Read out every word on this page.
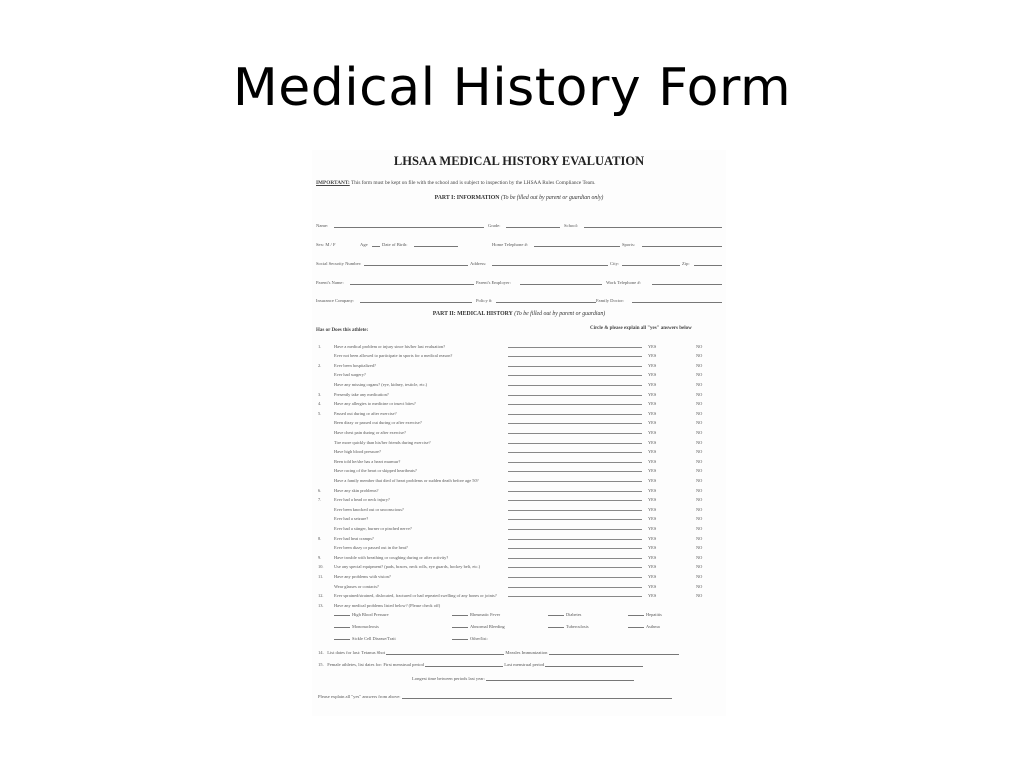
Medical History Form
LHSAA MEDICAL HISTORY EVALUATION
IMPORTANT: This form must be kept on file with the school and is subject to inspection by the LHSAA Rules Compliance Team.
PART I: INFORMATION (To be filled out by parent or guardian only)
Name:	Grade:	School:
Sex: M / F	Age	Date of Birth:	Home Telephone #:	Sports:
Social Security Number:	Address:	City:	Zip:
Parent's Name:	Parent's Employer:	Work Telephone #:
Insurance Company:	Policy #:	Family Doctor:
PART II: MEDICAL HISTORY (To be filled out by parent or guardian)
Has or Does this athlete:	Circle & please explain all "yes" answers below
1.	Have a medical problem or injury since his/her last evaluation?	YES	NO
Ever not been allowed to participate in sports for a medical reason?	YES	NO
2.	Ever been hospitalized?	YES	NO
Ever had surgery?	YES	NO
Have any missing organs? (eye, kidney, testicle, etc.)	YES	NO
3.	Presently take any medication?	YES	NO
4.	Have any allergies to medicine or insect bites?	YES	NO
5.	Passed out during or after exercise?	YES	NO
Been dizzy or passed out during or after exercise?	YES	NO
Have chest pain during or after exercise?	YES	NO
Tire more quickly than his/her friends during exercise?	YES	NO
Have high blood pressure?	YES	NO
Been told he/she has a heart murmur?	YES	NO
Have racing of the heart or skipped heartbeats?	YES	NO
Have a family member that died of heart problems or sudden death before age 50?	YES	NO
6.	Have any skin problems?	YES	NO
7.	Ever had a head or neck injury?	YES	NO
Ever been knocked out or unconscious?	YES	NO
Ever had a seizure?	YES	NO
Ever had a stinger, burner or pinched nerve?	YES	NO
8.	Ever had heat cramps?	YES	NO
Ever been dizzy or passed out in the heat?	YES	NO
9.	Have trouble with breathing or coughing during or after activity?	YES	NO
10. Use any special equipment? (pads, braces, neck rolls, eye guards, hockey belt, etc.)	YES	NO
11. Have any problems with vision?	YES	NO
Wear glasses or contacts?	YES	NO
12. Ever sprained/strained, dislocated, fractured or had repeated swelling of any bones or joints?	YES	NO
13. Have any medical problems listed below? (Please check off)
High Blood Pressure	Rheumatic Fever	Diabetes	Hepatitis
Mononucleosis	Abnormal Bleeding	Tuberculosis	Asthma
Sickle Cell Disease/Trait	Other/list:
14. List dates for last: Tetanus Shot	Measles Immunization
15. Female athletes, list dates for: First menstrual period	Last menstrual period
Longest time between periods last year:
Please explain all "yes" answers from above:
